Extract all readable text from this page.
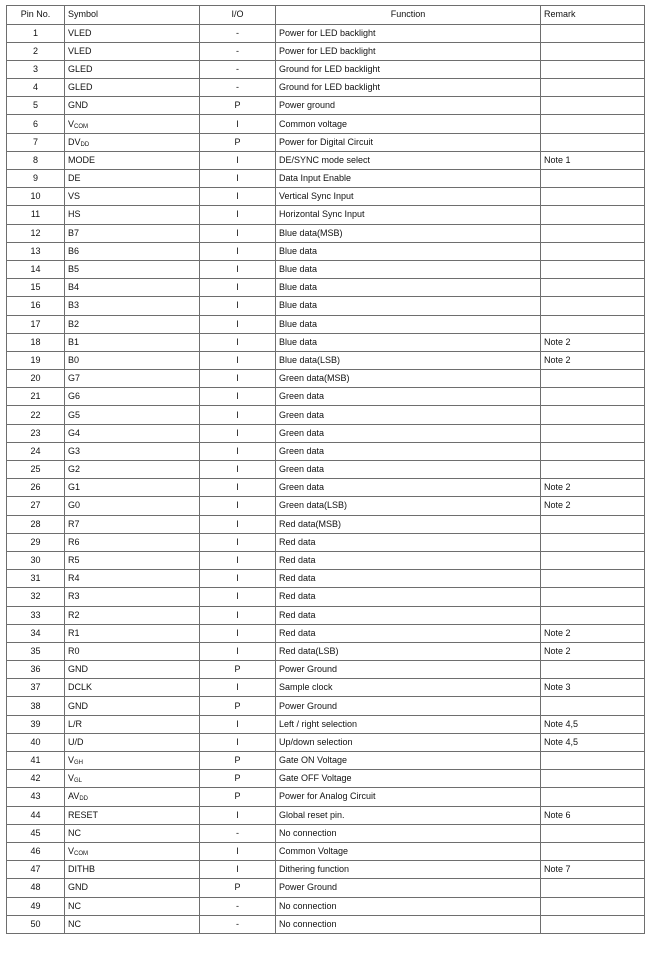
Pin No.	Symbol	I/O	Function	Remark
1	VLED	-	Power for LED backlight	
2	VLED	-	Power for LED backlight	
3	GLED	-	Ground for LED backlight	
4	GLED	-	Ground for LED backlight	
5	GND	P	Power ground	
6	$V_{COM}$	I	Common voltage	
7	$DV_{DD}$	P	Power for Digital Circuit	
8	MODE	I	DE/SYNC mode select	Note 1
9	DE	I	Data Input Enable	
10	VS	I	Vertical Sync Input	
11	HS	I	Horizontal Sync Input	
12	B7	I	Blue data(MSB)	
13	B6	I	Blue data	
14	B5	I	Blue data	
15	B4	I	Blue data	
16	B3	I	Blue data	
17	B2	I	Blue data	
18	B1	I	Blue data	Note 2
19	B0	I	Blue data(LSB)	Note 2
20	G7	I	Green data(MSB)	
21	G6	I	Green data	
22	G5	I	Green data	
23	G4	I	Green data	
24	G3	I	Green data	
25	G2	I	Green data	
26	G1	I	Green data	Note 2
27	G0	I	Green data(LSB)	Note 2
28	R7	I	Red data(MSB)	
29	R6	I	Red data	
30	R5	I	Red data	
31	R4	I	Red data	
32	R3	I	Red data	
33	R2	I	Red data	
34	R1	I	Red data	Note 2
35	R0	I	Red data(LSB)	Note 2
36	GND	P	Power Ground	
37	DCLK	I	Sample clock	Note 3
38	GND	P	Power Ground	
39	L/R	I	Left / right selection	Note 4,5
40	U/D	I	Up/down selection	Note 4,5
41	$V_{GH}$	P	Gate ON Voltage	
42	$V_{GL}$	P	Gate OFF Voltage	
43	$AV_{DD}$	P	Power for Analog Circuit	
44	RESET	I	Global reset pin.	Note 6
45	NC	-	No connection	
46	$V_{COM}$	I	Common Voltage	
47	DITHB	I	Dithering function	Note 7
48	GND	P	Power Ground	
49	NC	-	No connection	
50	NC	-	No connection	
